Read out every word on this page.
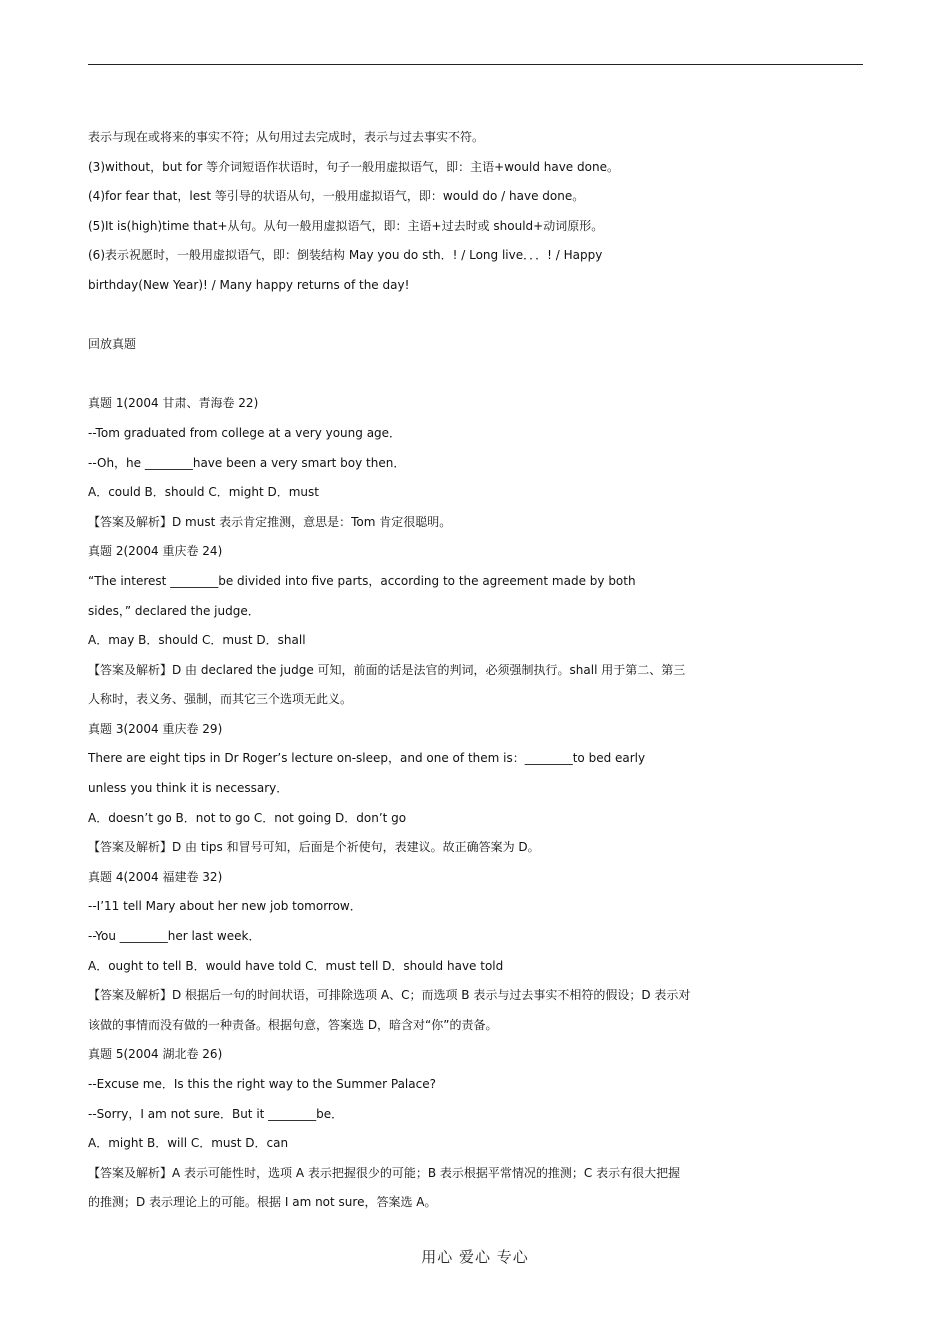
表示与现在或将来的事实不符；从句用过去完成时，表示与过去事实不符。
(3)without，but for 等介词短语作状语时，句子一般用虚拟语气，即：主语+would have done。
(4)for fear that，lest 等引导的状语从句，一般用虚拟语气，即：would do / have done。
(5)It is(high)time that+从句。从句一般用虚拟语气，即：主语+过去时或 should+动词原形。
(6)表示祝愿时，一般用虚拟语气，即：倒装结构 May you do sth．! / Long live．．．! / Happy
birthday(New Year)! / Many happy returns of the day!
回放真题
真题 1(2004 甘肃、青海卷 22)
--Tom graduated from college at a very young age．
--Oh，he ________have been a very smart boy then．
A．could B．should C．might D．must
【答案及解析】D must 表示肯定推测，意思是：Tom 肯定很聪明。
真题 2(2004 重庆卷 24)
“The interest ________be divided into five parts，according to the agreement made by both
sides，” declared the judge．
A．may B．should C．must D．shall
【答案及解析】D 由 declared the judge 可知，前面的话是法官的判词，必须强制执行。shall 用于第二、第三
人称时，表义务、强制，而其它三个选项无此义。
真题 3(2004 重庆卷 29)
There are eight tips in Dr Roger’s lecture on-sleep，and one of them is：________to bed early
unless you think it is necessary．
A．doesn’t go B．not to go C．not going D．don’t go
【答案及解析】D 由 tips 和冒号可知，后面是个祈使句，表建议。故正确答案为 D。
真题 4(2004 福建卷 32)
--I’11 tell Mary about her new job tomorrow．
--You ________her last week．
A．ought to tell B．would have told C．must tell D．should have told
【答案及解析】D 根据后一句的时间状语，可排除选项 A、C；而选项 B 表示与过去事实不相符的假设；D 表示对
该做的事情而没有做的一种责备。根据句意，答案选 D，暗含对“你”的责备。
真题 5(2004 湖北卷 26)
--Excuse me．Is this the right way to the Summer Palace?
--Sorry，I am not sure．But it ________be．
A．might B．will C．must D．can
【答案及解析】A 表示可能性时，选项 A 表示把握很少的可能；B 表示根据平常情况的推测；C 表示有很大把握
的推测；D 表示理论上的可能。根据 I am not sure，答案选 A。
用心 爱心 专心
